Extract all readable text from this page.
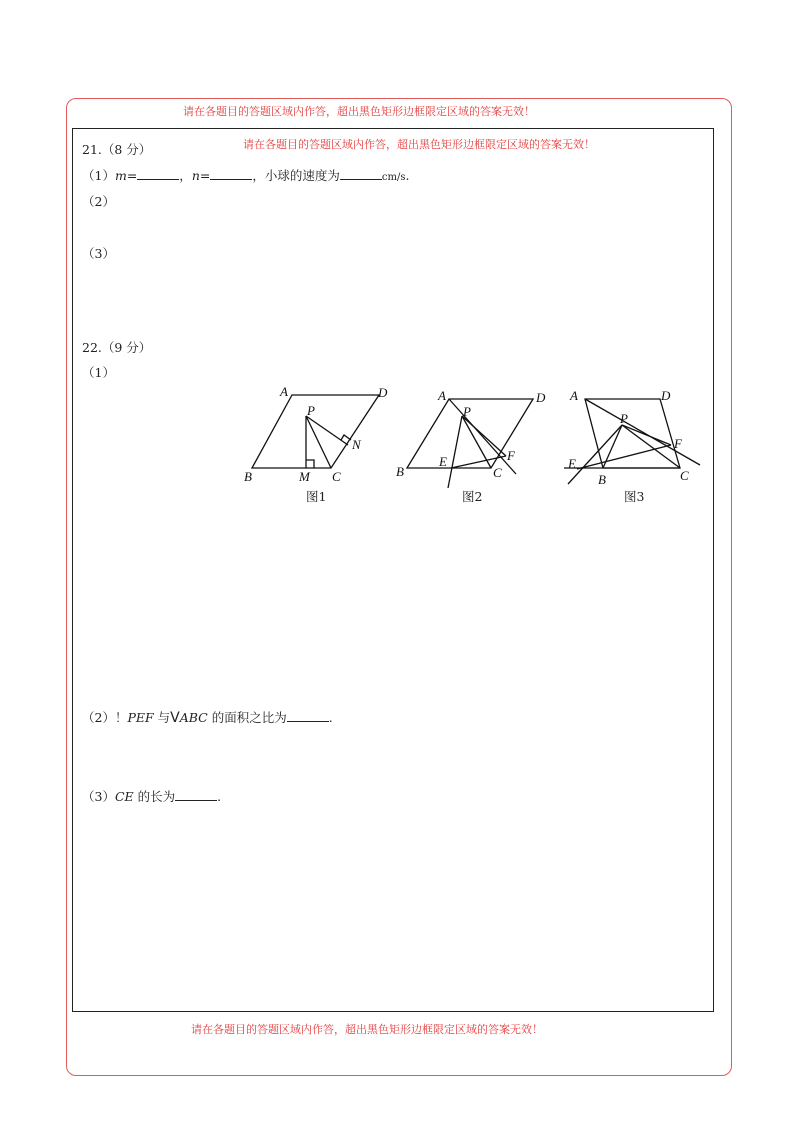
请在各题目的答题区域内作答，超出黑色矩形边框限定区域的答案无效！
请在各题目的答题区域内作答，超出黑色矩形边框限定区域的答案无效！
请在各题目的答题区域内作答，超出黑色矩形边框限定区域的答案无效！
21.（8 分）
（1）m=	，n=	，小球的速度为	cm/s.
（2）
（3）
22.（9 分）
（1）
A	D
P
N
B	M C
图1
A	D
P
E	F
B	C
图2
A	D
P
F
E
B	C
图3
（2）！PEF 与VABC 的面积之比为	.
（3）CE 的长为	.
